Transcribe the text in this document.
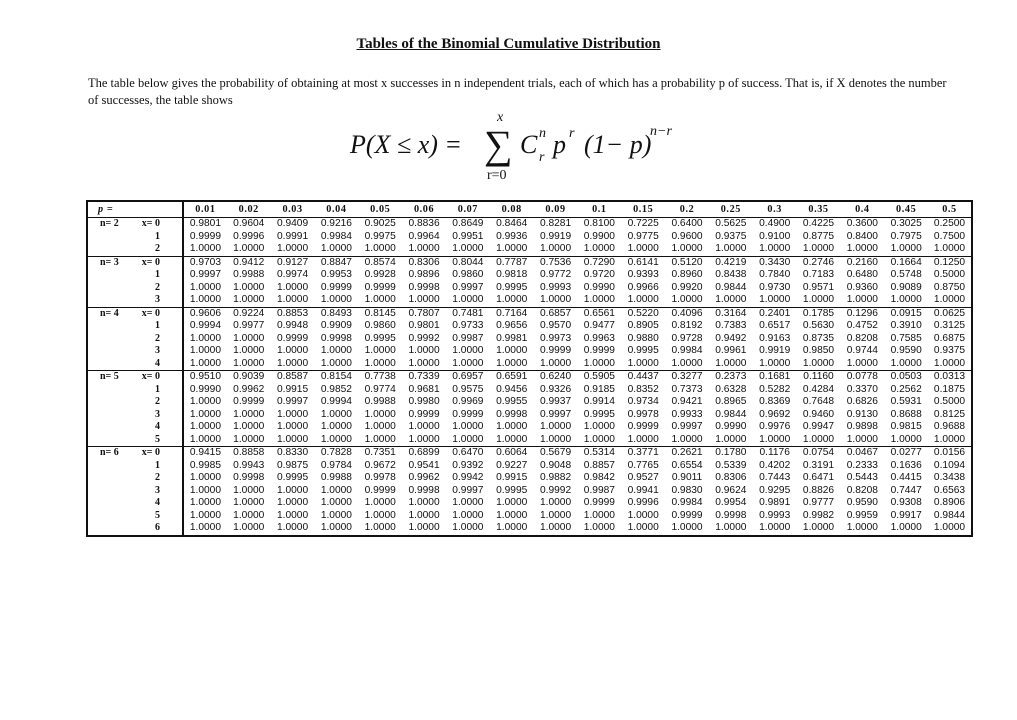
Tables of the Binomial Cumulative Distribution
The table below gives the probability of obtaining at most x successes in n independent trials, each of which has a probability p of success. That is, if X denotes the number of successes, the table shows
P(X ≤ x) =
x
∑
r=0
C n
r p r (1− p)
n−r
p =		0.01	0.02	0.03	0.04	0.05	0.06	0.07	0.08	0.09	0.1	0.15	0.2	0.25	0.3	0.35	0.4	0.45	0.5
n= 2	x= 0	0.9801	0.9604	0.9409	0.9216	0.9025	0.8836	0.8649	0.8464	0.8281	0.8100	0.7225	0.6400	0.5625	0.4900	0.4225	0.3600	0.3025	0.2500
	1	0.9999	0.9996	0.9991	0.9984	0.9975	0.9964	0.9951	0.9936	0.9919	0.9900	0.9775	0.9600	0.9375	0.9100	0.8775	0.8400	0.7975	0.7500
	2	1.0000	1.0000	1.0000	1.0000	1.0000	1.0000	1.0000	1.0000	1.0000	1.0000	1.0000	1.0000	1.0000	1.0000	1.0000	1.0000	1.0000	1.0000
n= 3	x= 0	0.9703	0.9412	0.9127	0.8847	0.8574	0.8306	0.8044	0.7787	0.7536	0.7290	0.6141	0.5120	0.4219	0.3430	0.2746	0.2160	0.1664	0.1250
	1	0.9997	0.9988	0.9974	0.9953	0.9928	0.9896	0.9860	0.9818	0.9772	0.9720	0.9393	0.8960	0.8438	0.7840	0.7183	0.6480	0.5748	0.5000
	2	1.0000	1.0000	1.0000	0.9999	0.9999	0.9998	0.9997	0.9995	0.9993	0.9990	0.9966	0.9920	0.9844	0.9730	0.9571	0.9360	0.9089	0.8750
	3	1.0000	1.0000	1.0000	1.0000	1.0000	1.0000	1.0000	1.0000	1.0000	1.0000	1.0000	1.0000	1.0000	1.0000	1.0000	1.0000	1.0000	1.0000
n= 4	x= 0	0.9606	0.9224	0.8853	0.8493	0.8145	0.7807	0.7481	0.7164	0.6857	0.6561	0.5220	0.4096	0.3164	0.2401	0.1785	0.1296	0.0915	0.0625
	1	0.9994	0.9977	0.9948	0.9909	0.9860	0.9801	0.9733	0.9656	0.9570	0.9477	0.8905	0.8192	0.7383	0.6517	0.5630	0.4752	0.3910	0.3125
	2	1.0000	1.0000	0.9999	0.9998	0.9995	0.9992	0.9987	0.9981	0.9973	0.9963	0.9880	0.9728	0.9492	0.9163	0.8735	0.8208	0.7585	0.6875
	3	1.0000	1.0000	1.0000	1.0000	1.0000	1.0000	1.0000	1.0000	0.9999	0.9999	0.9995	0.9984	0.9961	0.9919	0.9850	0.9744	0.9590	0.9375
	4	1.0000	1.0000	1.0000	1.0000	1.0000	1.0000	1.0000	1.0000	1.0000	1.0000	1.0000	1.0000	1.0000	1.0000	1.0000	1.0000	1.0000	1.0000
n= 5	x= 0	0.9510	0.9039	0.8587	0.8154	0.7738	0.7339	0.6957	0.6591	0.6240	0.5905	0.4437	0.3277	0.2373	0.1681	0.1160	0.0778	0.0503	0.0313
	1	0.9990	0.9962	0.9915	0.9852	0.9774	0.9681	0.9575	0.9456	0.9326	0.9185	0.8352	0.7373	0.6328	0.5282	0.4284	0.3370	0.2562	0.1875
	2	1.0000	0.9999	0.9997	0.9994	0.9988	0.9980	0.9969	0.9955	0.9937	0.9914	0.9734	0.9421	0.8965	0.8369	0.7648	0.6826	0.5931	0.5000
	3	1.0000	1.0000	1.0000	1.0000	1.0000	0.9999	0.9999	0.9998	0.9997	0.9995	0.9978	0.9933	0.9844	0.9692	0.9460	0.9130	0.8688	0.8125
	4	1.0000	1.0000	1.0000	1.0000	1.0000	1.0000	1.0000	1.0000	1.0000	1.0000	0.9999	0.9997	0.9990	0.9976	0.9947	0.9898	0.9815	0.9688
	5	1.0000	1.0000	1.0000	1.0000	1.0000	1.0000	1.0000	1.0000	1.0000	1.0000	1.0000	1.0000	1.0000	1.0000	1.0000	1.0000	1.0000	1.0000
n= 6	x= 0	0.9415	0.8858	0.8330	0.7828	0.7351	0.6899	0.6470	0.6064	0.5679	0.5314	0.3771	0.2621	0.1780	0.1176	0.0754	0.0467	0.0277	0.0156
	1	0.9985	0.9943	0.9875	0.9784	0.9672	0.9541	0.9392	0.9227	0.9048	0.8857	0.7765	0.6554	0.5339	0.4202	0.3191	0.2333	0.1636	0.1094
	2	1.0000	0.9998	0.9995	0.9988	0.9978	0.9962	0.9942	0.9915	0.9882	0.9842	0.9527	0.9011	0.8306	0.7443	0.6471	0.5443	0.4415	0.3438
	3	1.0000	1.0000	1.0000	1.0000	0.9999	0.9998	0.9997	0.9995	0.9992	0.9987	0.9941	0.9830	0.9624	0.9295	0.8826	0.8208	0.7447	0.6563
	4	1.0000	1.0000	1.0000	1.0000	1.0000	1.0000	1.0000	1.0000	1.0000	0.9999	0.9996	0.9984	0.9954	0.9891	0.9777	0.9590	0.9308	0.8906
	5	1.0000	1.0000	1.0000	1.0000	1.0000	1.0000	1.0000	1.0000	1.0000	1.0000	1.0000	0.9999	0.9998	0.9993	0.9982	0.9959	0.9917	0.9844
	6	1.0000	1.0000	1.0000	1.0000	1.0000	1.0000	1.0000	1.0000	1.0000	1.0000	1.0000	1.0000	1.0000	1.0000	1.0000	1.0000	1.0000	1.0000
